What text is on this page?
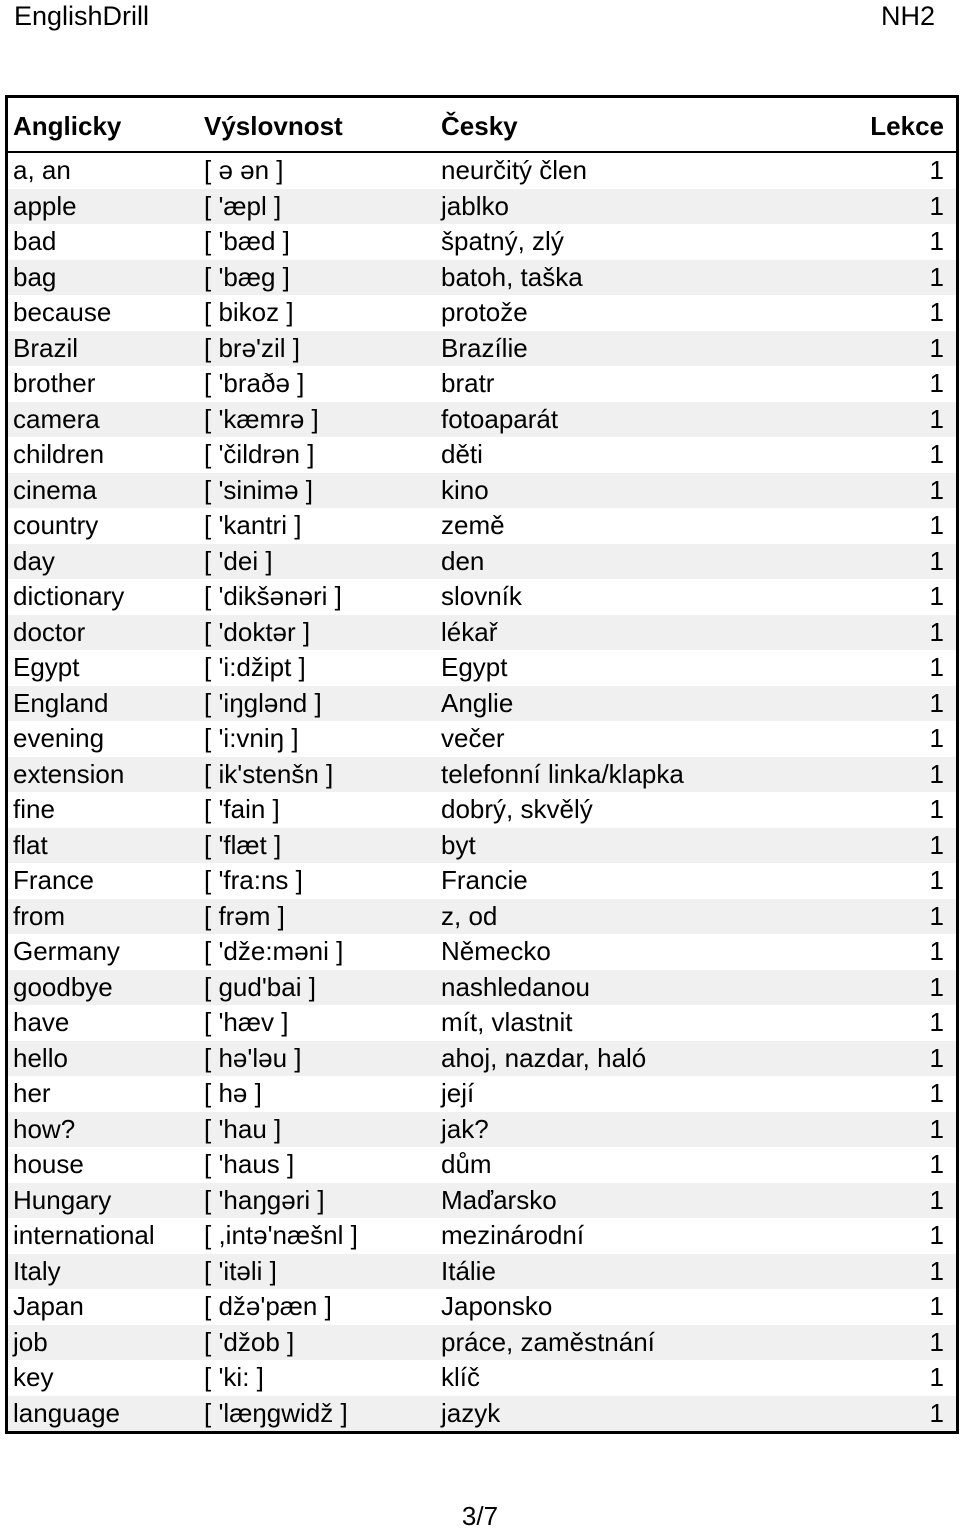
EnglishDrill	NH2
Anglicky	Výslovnost	Česky	Lekce
a, an	[ ə ən ]	neurčitý člen	1
apple	[ 'æpl ]	jablko	1
bad	[ 'bæd ]	špatný, zlý	1
bag	[ 'bæg ]	batoh, taška	1
because	[ bikoz ]	protože	1
Brazil	[ brə'zil ]	Brazílie	1
brother	[ 'braðə ]	bratr	1
camera	[ 'kæmrə ]	fotoaparát	1
children	[ 'čildrən ]	děti	1
cinema	[ 'sinimə ]	kino	1
country	[ 'kantri ]	země	1
day	[ 'dei ]	den	1
dictionary	[ 'dikšənəri ]	slovník	1
doctor	[ 'doktər ]	lékař	1
Egypt	[ 'i:džipt ]	Egypt	1
England	[ 'iŋglənd ]	Anglie	1
evening	[ 'i:vniŋ ]	večer	1
extension	[ ik'stenšn ]	telefonní linka/klapka	1
fine	[ 'fain ]	dobrý, skvělý	1
flat	[ 'flæt ]	byt	1
France	[ 'fra:ns ]	Francie	1
from	[ frəm ]	z, od	1
Germany	[ 'dže:məni ]	Německo	1
goodbye	[ gud'bai ]	nashledanou	1
have	[ 'hæv ]	mít, vlastnit	1
hello	[ hə'ləu ]	ahoj, nazdar, haló	1
her	[ hə ]	její	1
how?	[ 'hau ]	jak?	1
house	[ 'haus ]	dům	1
Hungary	[ 'haŋgəri ]	Maďarsko	1
international [ ,intə'næšnl ]	mezinárodní	1
Italy	[ 'itəli ]	Itálie	1
Japan	[ džə'pæn ]	Japonsko	1
job	[ 'džob ]	práce, zaměstnání	1
key	[ 'ki: ]	klíč	1
language	[ 'læŋgwidž ]	jazyk	1
3/7
